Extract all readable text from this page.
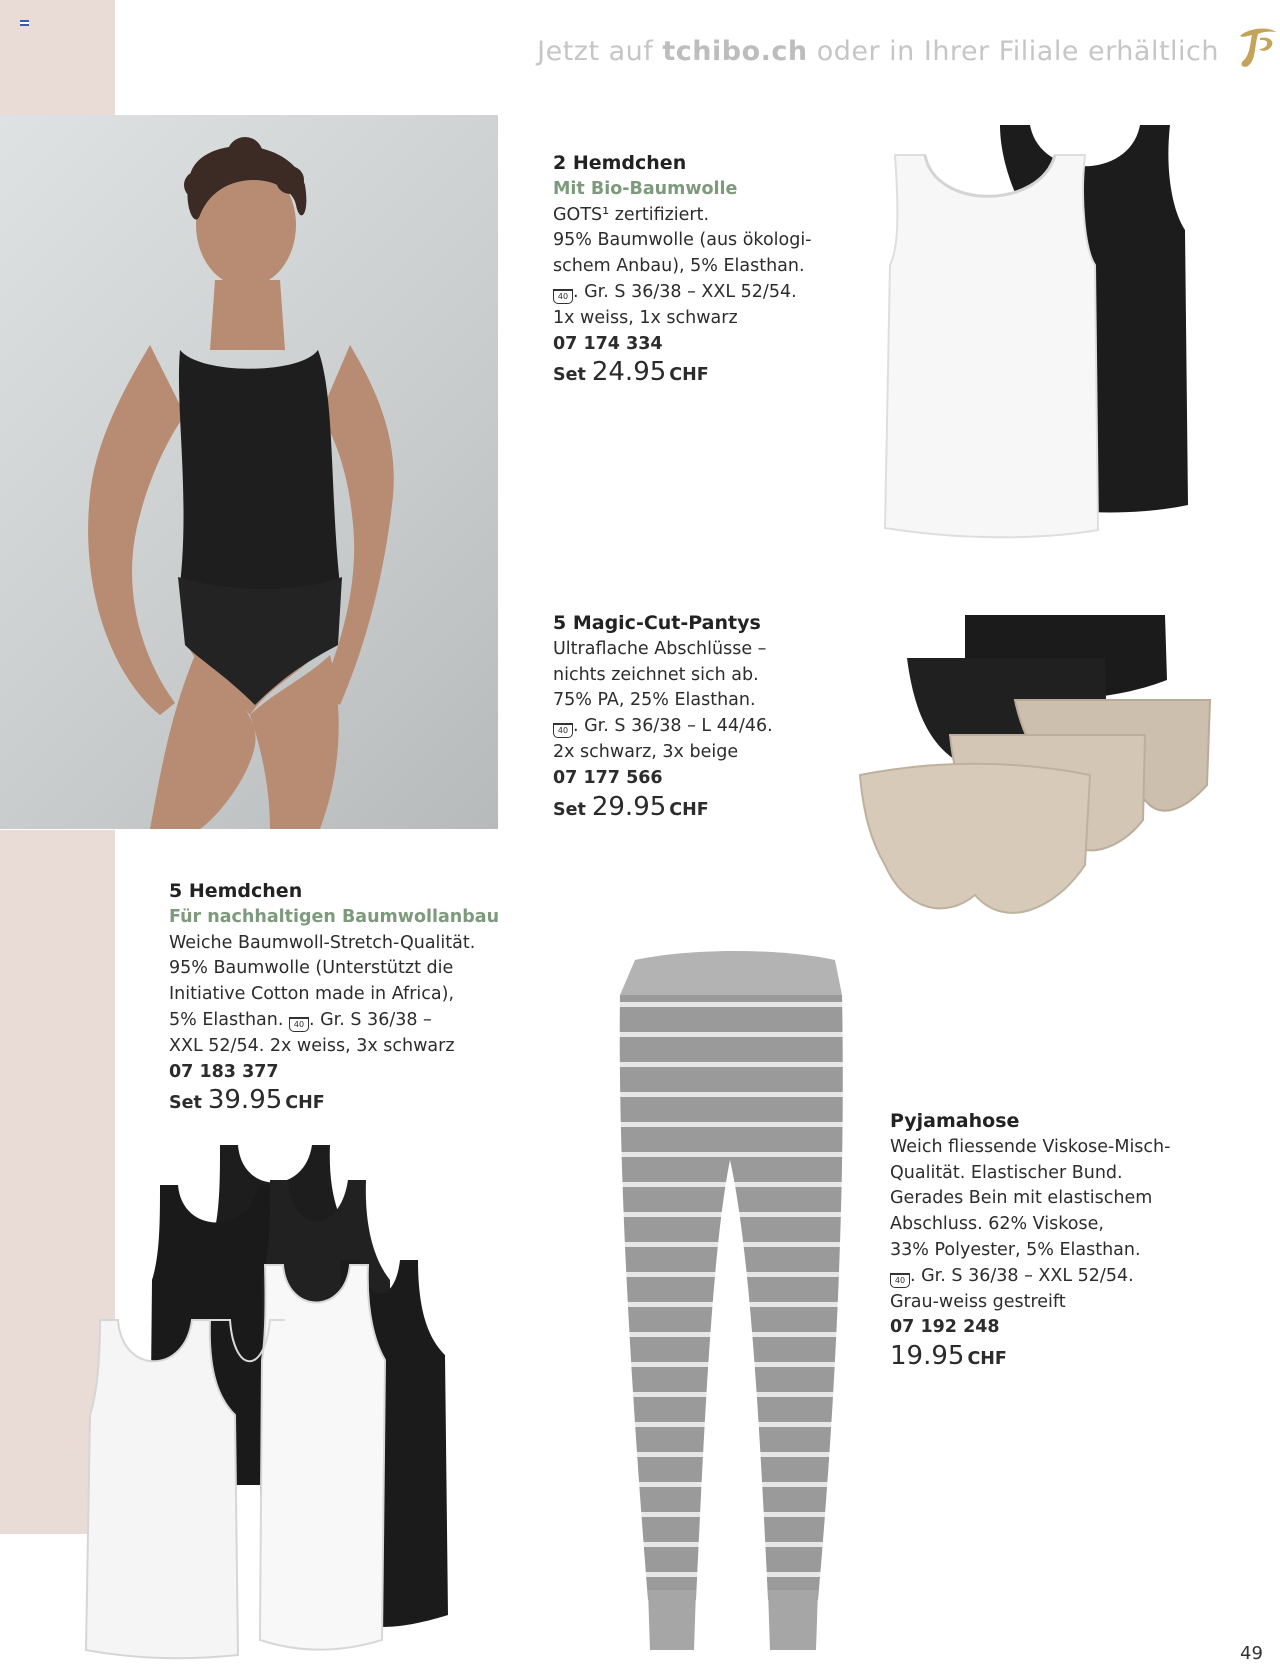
Jetzt auf tchibo.ch oder in Ihrer Filiale erhältlich
2 Hemdchen
Mit Bio-Baumwolle
GOTS¹ zertifiziert.
95% Baumwolle (aus ökologi-
schem Anbau), 5% Elasthan.
40 . Gr. S 36/38 – XXL 52/54.
1x weiss, 1x schwarz
07 174 334
Set 24.95 CHF
5 Magic-Cut-Pantys
Ultraflache Abschlüsse –
nichts zeichnet sich ab.
75% PA, 25% Elasthan.
40 . Gr. S 36/38 – L 44/46.
2x schwarz, 3x beige
07 177 566
Set 29.95 CHF
5 Hemdchen
Für nachhaltigen Baumwollanbau
Weiche Baumwoll-Stretch-Qualität.
95% Baumwolle (Unterstützt die
Initiative Cotton made in Africa),
5% Elasthan. 40 . Gr. S 36/38 –
XXL 52/54. 2x weiss, 3x schwarz
07 183 377
Set 39.95 CHF
Pyjamahose
Weich fliessende Viskose-Misch-
Qualität. Elastischer Bund.
Gerades Bein mit elastischem
Abschluss. 62% Viskose,
33% Polyester, 5% Elasthan.
40 . Gr. S 36/38 – XXL 52/54.
Grau-weiss gestreift
07 192 248
19.95 CHF
49
